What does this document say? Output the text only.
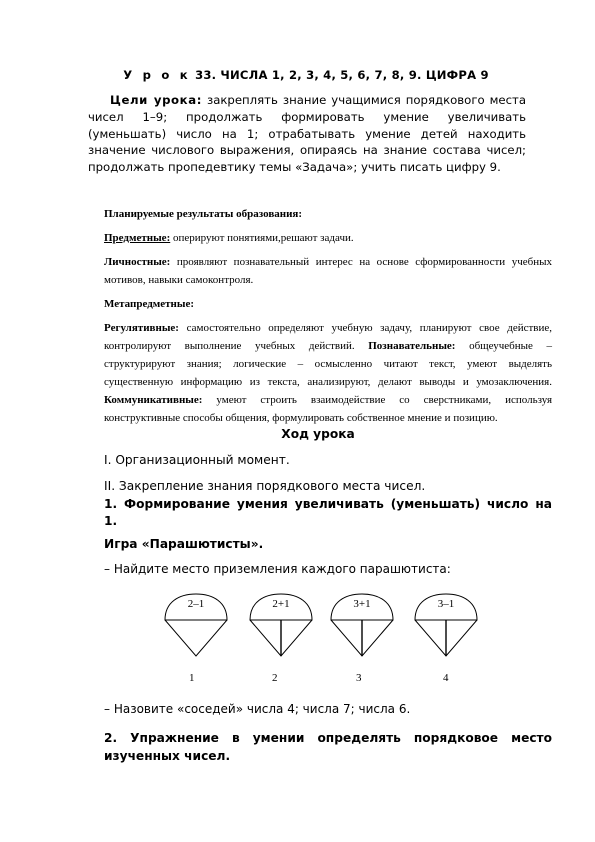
У р о к 33. ЧИСЛА 1, 2, 3, 4, 5, 6, 7, 8, 9. ЦИФРА 9
Цели урока: закреплять знание учащимися порядкового места чисел 1–9; продолжать формировать умение увеличивать (уменьшать) число на 1; отрабатывать умение детей находить значение числового выражения, опираясь на знание состава чисел; продолжать пропедевтику темы «Задача»; учить писать цифру 9.

Планируемые результаты образования:

Предметные: оперируют понятиями,решают задачи.

Личностные: проявляют познавательный интерес на основе сформированности учебных мотивов, навыки самоконтроля.

Метапредметные:

Регулятивные: самостоятельно определяют учебную задачу, планируют свое действие, контролируют выполнение учебных действий. Познавательные: общеучебные – структурируют знания; логические – осмысленно читают текст, умеют выделять существенную информацию из текста, анализируют, делают выводы и умозаключения. Коммуникативные: умеют строить взаимодействие со сверстниками, используя конструктивные способы общения, формулировать собственное мнение и позицию.

Ход урока
I. Организационный момент.
II. Закрепление знания порядкового места чисел.
1. Формирование умения увеличивать (уменьшать) число на 1.
Игра «Парашютисты».
– Найдите место приземления каждого парашютиста:
2–1	2+1	3+1	3–1
1	2	3	4
– Назовите «соседей» числа 4; числа 7; числа 6.
2. Упражнение в умении определять порядковое место изученных чисел.
